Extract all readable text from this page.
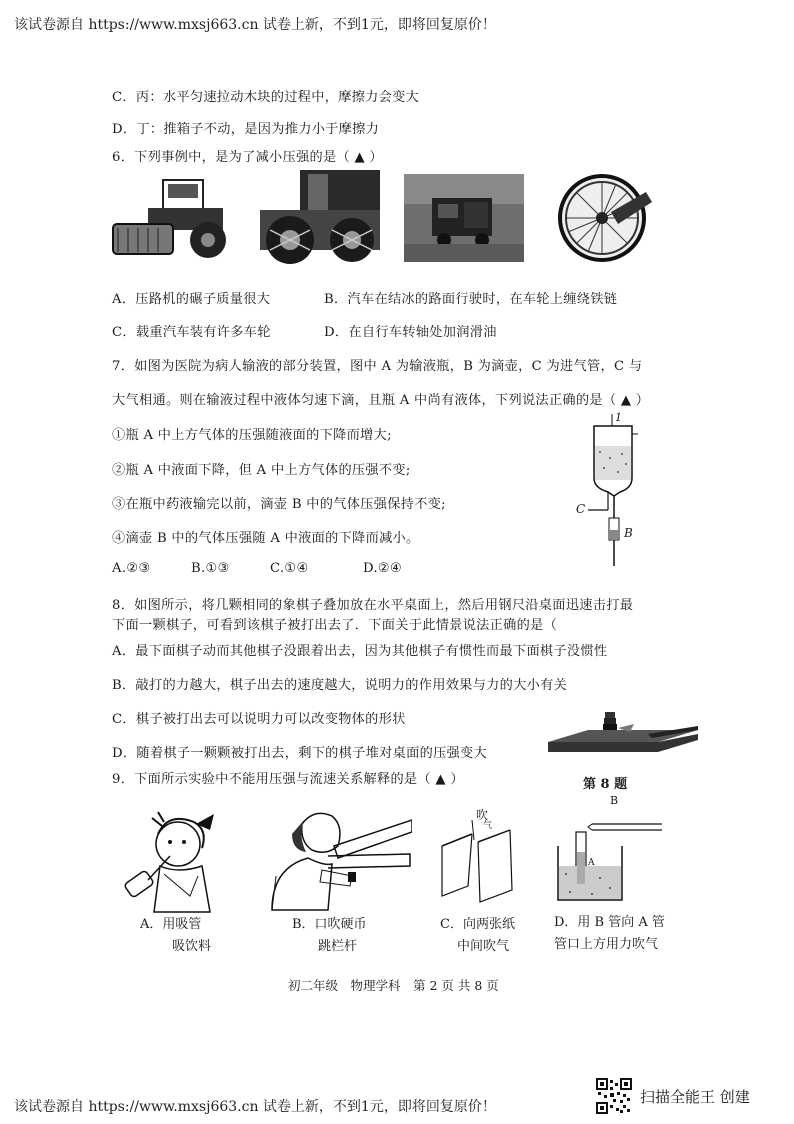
该试卷源自 https://www.mxsj663.cn 试卷上新，不到1元，即将回复原价！
C．丙：水平匀速拉动木块的过程中，摩擦力会变大
D．丁：推箱子不动，是因为推力小于摩擦力
6．下列事例中，是为了减小压强的是（ ▲ ）
A．压路机的碾子质量很大	B．汽车在结冰的路面行驶时，在车轮上缠绕铁链
C．载重汽车装有许多车轮	D．在自行车转轴处加润滑油
7．如图为医院为病人输液的部分装置，图中 A 为输液瓶，B 为滴壶，C 为进气管，C 与
大气相通。则在输液过程中液体匀速下滴，且瓶 A 中尚有液体，下列说法正确的是（ ▲ ）
①瓶 A 中上方气体的压强随液面的下降而增大;
②瓶 A 中液面下降，但 A 中上方气体的压强不变;
③在瓶中药液输完以前，滴壶 B 中的气体压强保持不变;
④滴壶 B 中的气体压强随 A 中液面的下降而减小。
A.②③	B.①③	C.①④	D.②④
1
C
B
8．如图所示，将几颗相同的象棋子叠加放在水平桌面上，然后用钢尺沿桌面迅速击打最
下面一颗棋子，可看到该棋子被打出去了．下面关于此情景说法正确的是（
A．最下面棋子动而其他棋子没跟着出去，因为其他棋子有惯性而最下面棋子没惯性
B．敲打的力越大，棋子出去的速度越大，说明力的作用效果与力的大小有关
C．棋子被打出去可以说明力可以改变物体的形状
D．随着棋子一颗颗被打出去，剩下的棋子堆对桌面的压强变大
第 8 题
9．下面所示实验中不能用压强与流速关系解释的是（ ▲ ）
吹
气
B
A
A．用吸管
吸饮料
B．口吹硬币
跳栏杆
C．向两张纸
中间吹气
D．用 B 管向 A 管
管口上方用力吹气
初二年级　物理学科　第 2 页 共 8 页
该试卷源自 https://www.mxsj663.cn 试卷上新，不到1元，即将回复原价！
扫描全能王 创建
